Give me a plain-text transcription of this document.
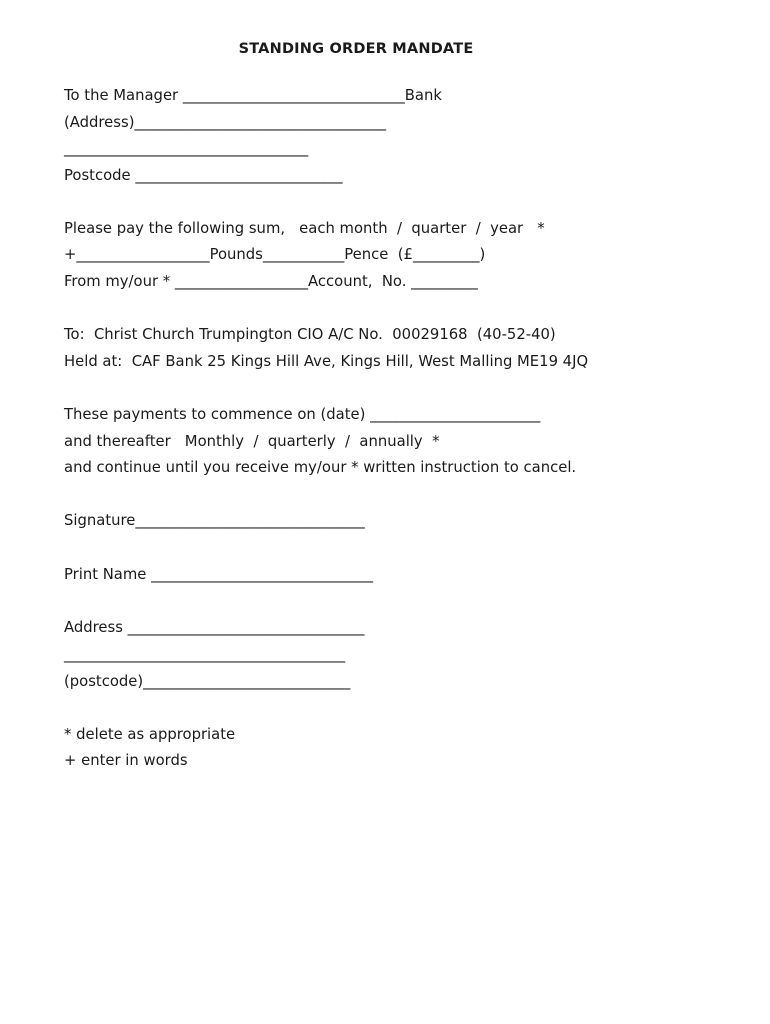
STANDING ORDER MANDATE
To the Manager ______________________________Bank
(Address)__________________________________
_________________________________
Postcode ____________________________
Please pay the following sum,   each month  /  quarter  /  year   *
+__________________Pounds___________Pence  (£_________)
From my/our * __________________Account,  No. _________
To:  Christ Church Trumpington CIO A/C No.  00029168  (40-52-40)
Held at:  CAF Bank 25 Kings Hill Ave, Kings Hill, West Malling ME19 4JQ
These payments to commence on (date) _______________________
and thereafter   Monthly  /  quarterly  /  annually  *
and continue until you receive my/our * written instruction to cancel.
Signature_______________________________
Print Name ______________________________
Address ________________________________
______________________________________
(postcode)____________________________
* delete as appropriate
+ enter in words
